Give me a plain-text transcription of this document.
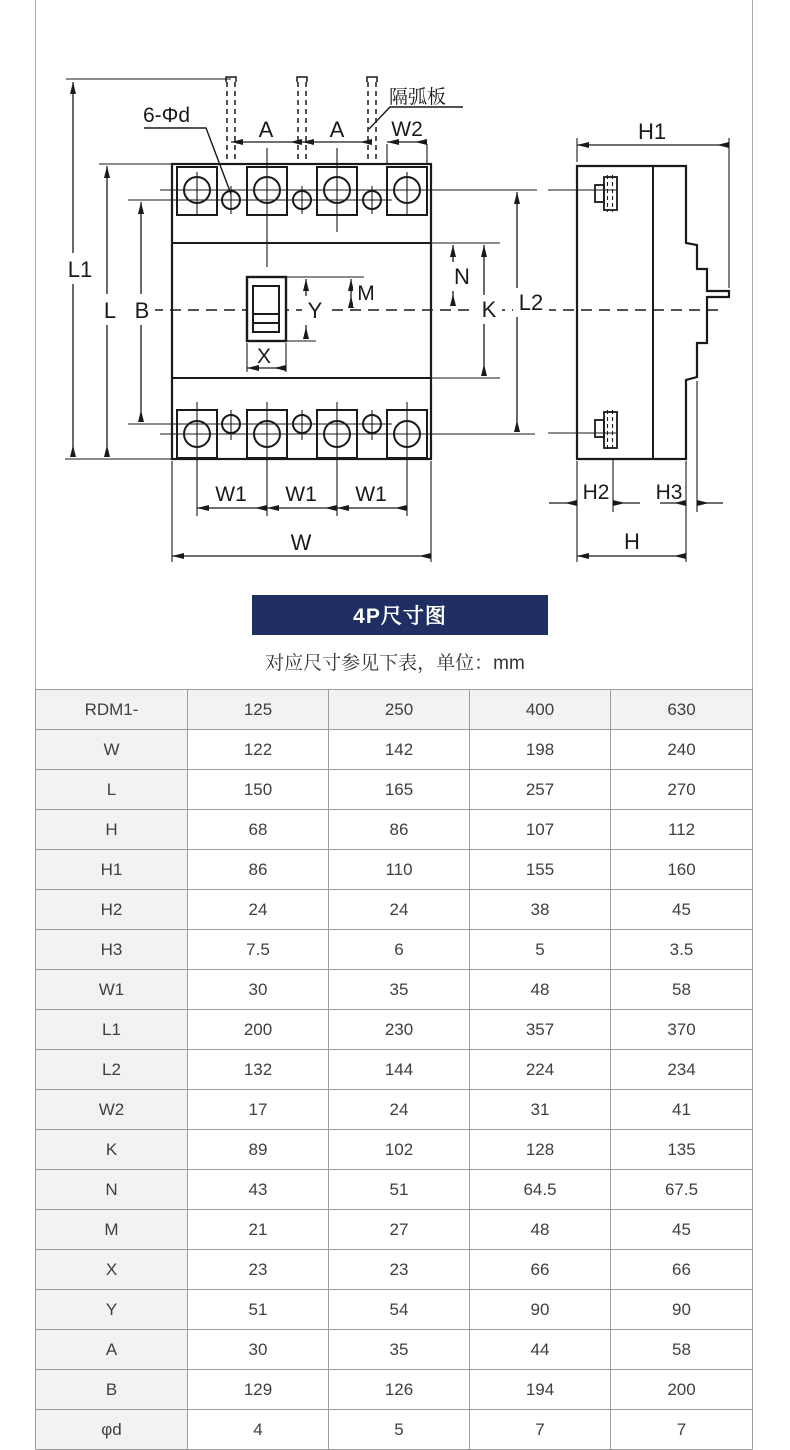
L1
L B
A	A W2
6-Φd
隔弧板
Y
M
N
K L2
X
W1 W1 W1
W
H1
H2 H3
H
4P尺寸图
对应尺寸参见下表，单位：mm
RDM1-	125	250	400	630
W	122	142	198	240
L	150	165	257	270
H	68	86	107	112
H1	86	110	155	160
H2	24	24	38	45
H3	7.5	6	5	3.5
W1	30	35	48	58
L1	200	230	357	370
L2	132	144	224	234
W2	17	24	31	41
K	89	102	128	135
N	43	51	64.5	67.5
M	21	27	48	45
X	23	23	66	66
Y	51	54	90	90
A	30	35	44	58
B	129	126	194	200
φd	4	5	7	7
